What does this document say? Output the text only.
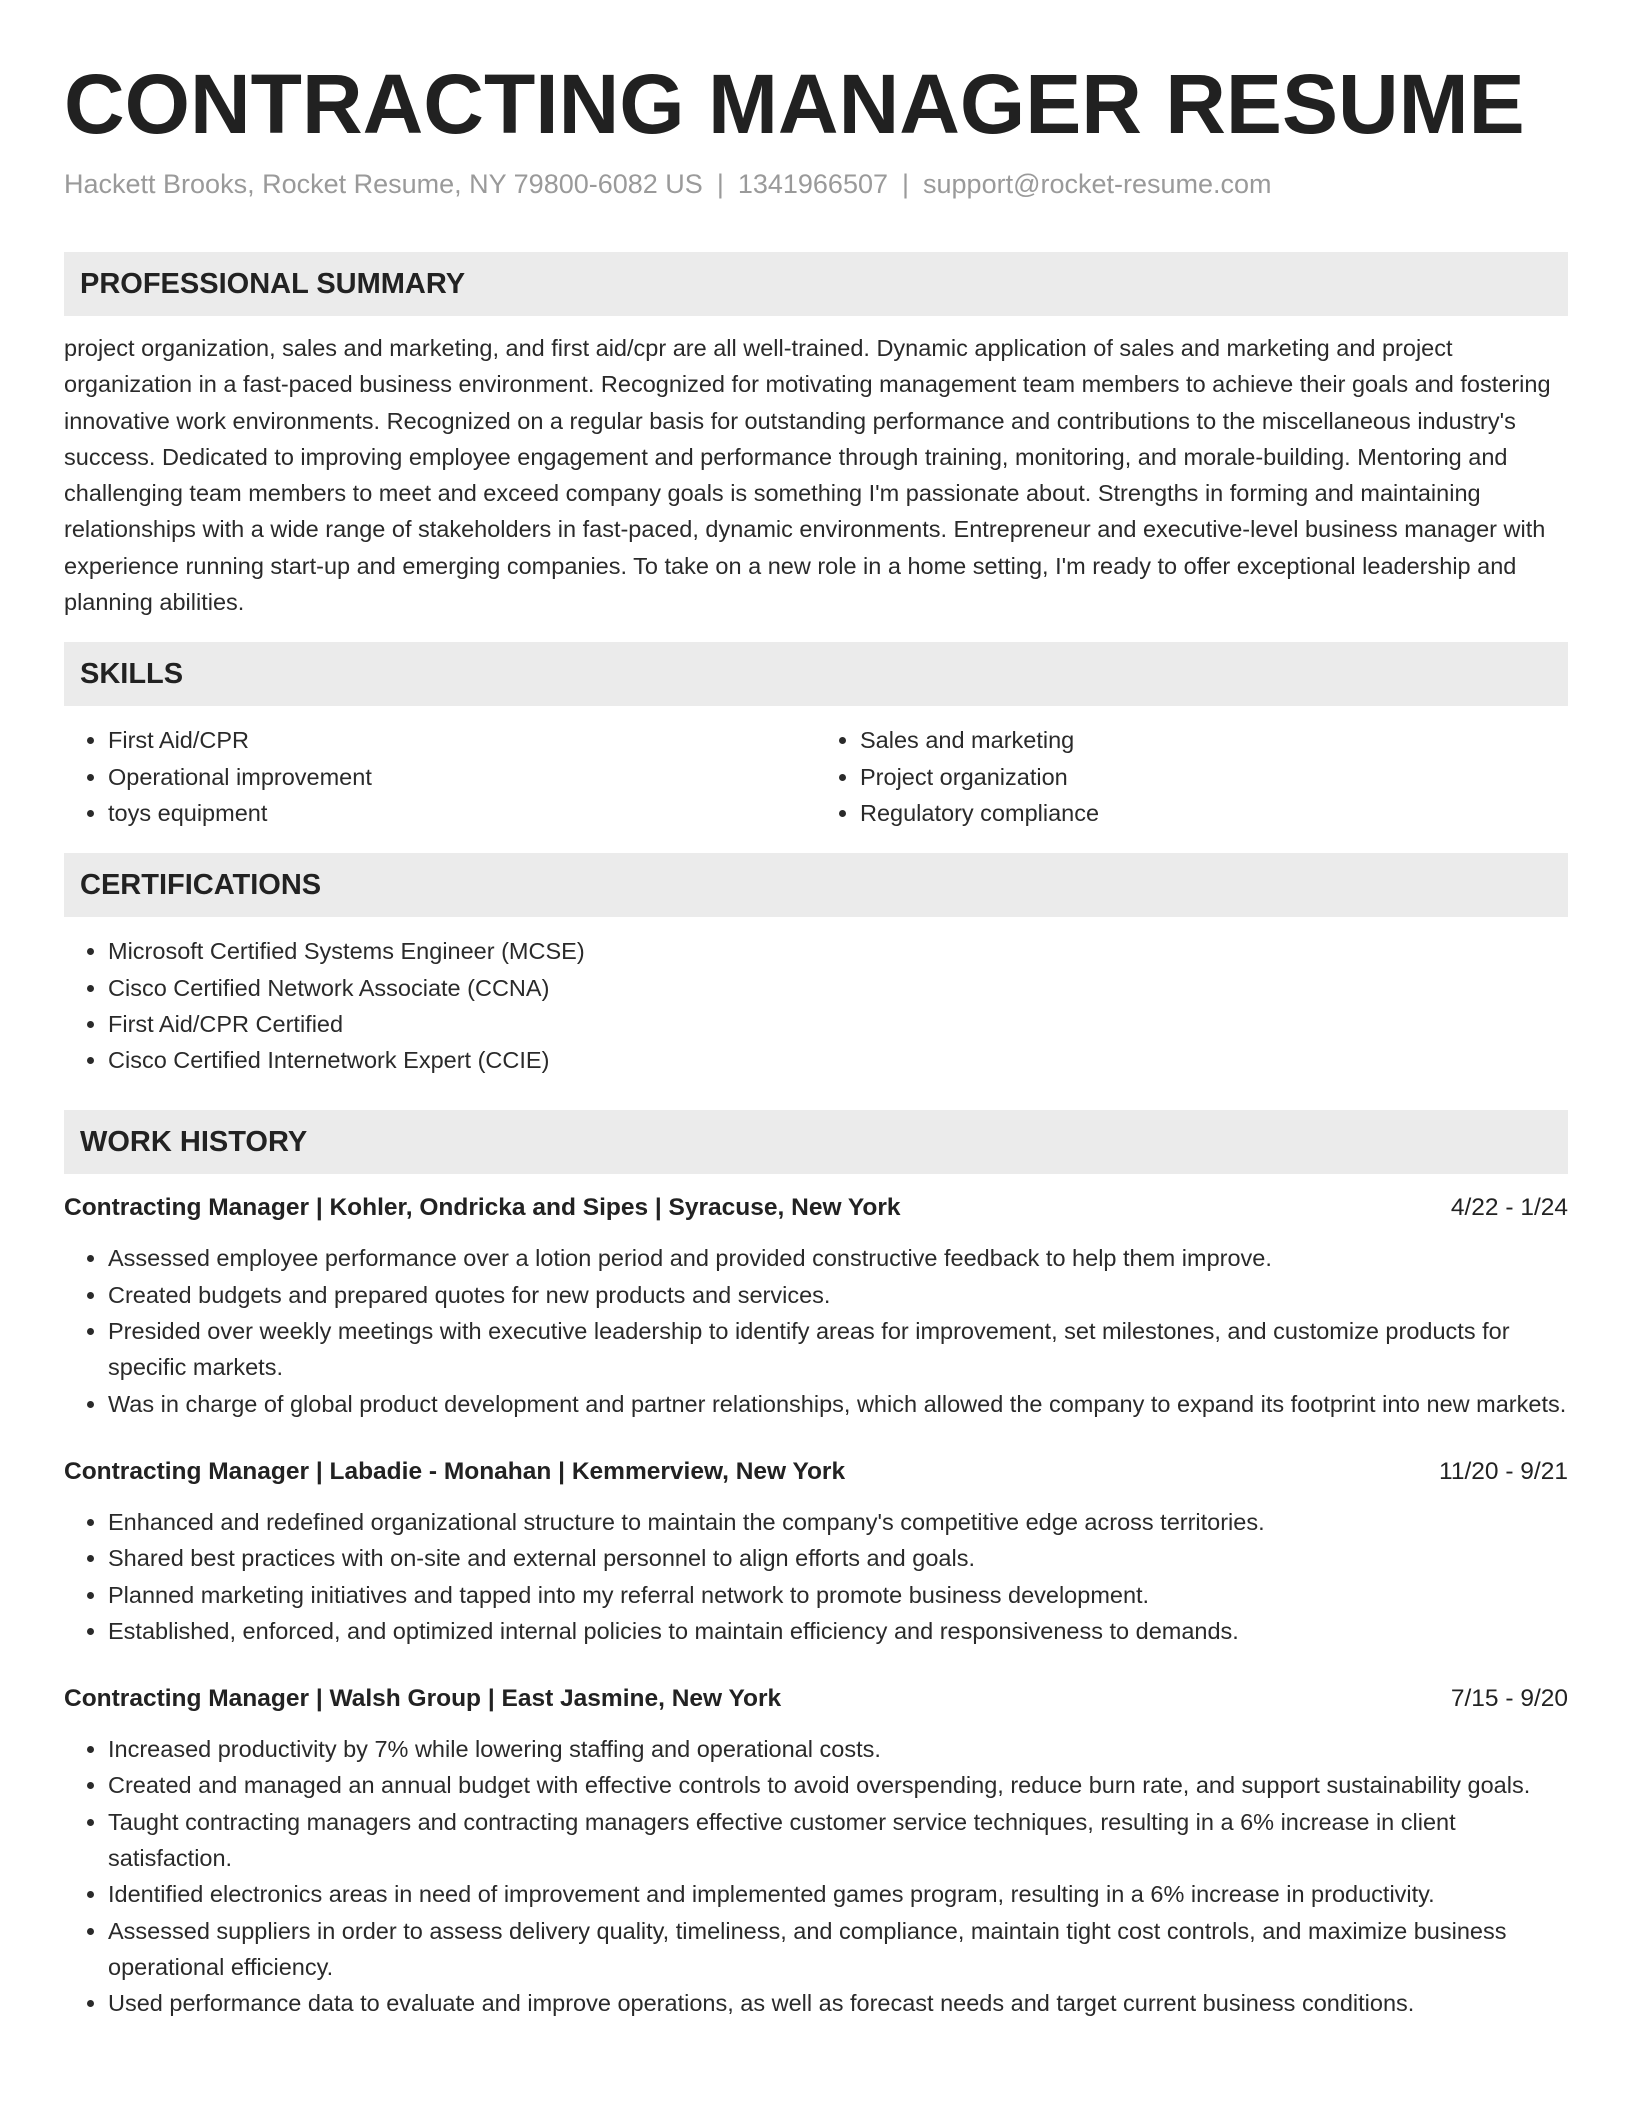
CONTRACTING MANAGER RESUME
Hackett Brooks, Rocket Resume, NY 79800-6082 US | 1341966507 | support@rocket-resume.com
PROFESSIONAL SUMMARY
project organization, sales and marketing, and first aid/cpr are all well-trained. Dynamic application of sales and marketing and project organization in a fast-paced business environment. Recognized for motivating management team members to achieve their goals and fostering innovative work environments. Recognized on a regular basis for outstanding performance and contributions to the miscellaneous industry's success. Dedicated to improving employee engagement and performance through training, monitoring, and morale-building. Mentoring and challenging team members to meet and exceed company goals is something I'm passionate about. Strengths in forming and maintaining relationships with a wide range of stakeholders in fast-paced, dynamic environments. Entrepreneur and executive-level business manager with experience running start-up and emerging companies. To take on a new role in a home setting, I'm ready to offer exceptional leadership and planning abilities.
SKILLS
• First Aid/CPR
• Operational improvement
• toys equipment
• Sales and marketing
• Project organization
• Regulatory compliance
CERTIFICATIONS
• Microsoft Certified Systems Engineer (MCSE)
• Cisco Certified Network Associate (CCNA)
• First Aid/CPR Certified
• Cisco Certified Internetwork Expert (CCIE)
WORK HISTORY
Contracting Manager | Kohler, Ondricka and Sipes | Syracuse, New York	4/22 - 1/24
• Assessed employee performance over a lotion period and provided constructive feedback to help them improve.
• Created budgets and prepared quotes for new products and services.
• Presided over weekly meetings with executive leadership to identify areas for improvement, set milestones, and customize products for specific markets.
• Was in charge of global product development and partner relationships, which allowed the company to expand its footprint into new markets.
Contracting Manager | Labadie - Monahan | Kemmerview, New York	11/20 - 9/21
• Enhanced and redefined organizational structure to maintain the company's competitive edge across territories.
• Shared best practices with on-site and external personnel to align efforts and goals.
• Planned marketing initiatives and tapped into my referral network to promote business development.
• Established, enforced, and optimized internal policies to maintain efficiency and responsiveness to demands.
Contracting Manager | Walsh Group | East Jasmine, New York	7/15 - 9/20
• Increased productivity by 7% while lowering staffing and operational costs.
• Created and managed an annual budget with effective controls to avoid overspending, reduce burn rate, and support sustainability goals.
• Taught contracting managers and contracting managers effective customer service techniques, resulting in a 6% increase in client satisfaction.
• Identified electronics areas in need of improvement and implemented games program, resulting in a 6% increase in productivity.
• Assessed suppliers in order to assess delivery quality, timeliness, and compliance, maintain tight cost controls, and maximize business operational efficiency.
• Used performance data to evaluate and improve operations, as well as forecast needs and target current business conditions.
